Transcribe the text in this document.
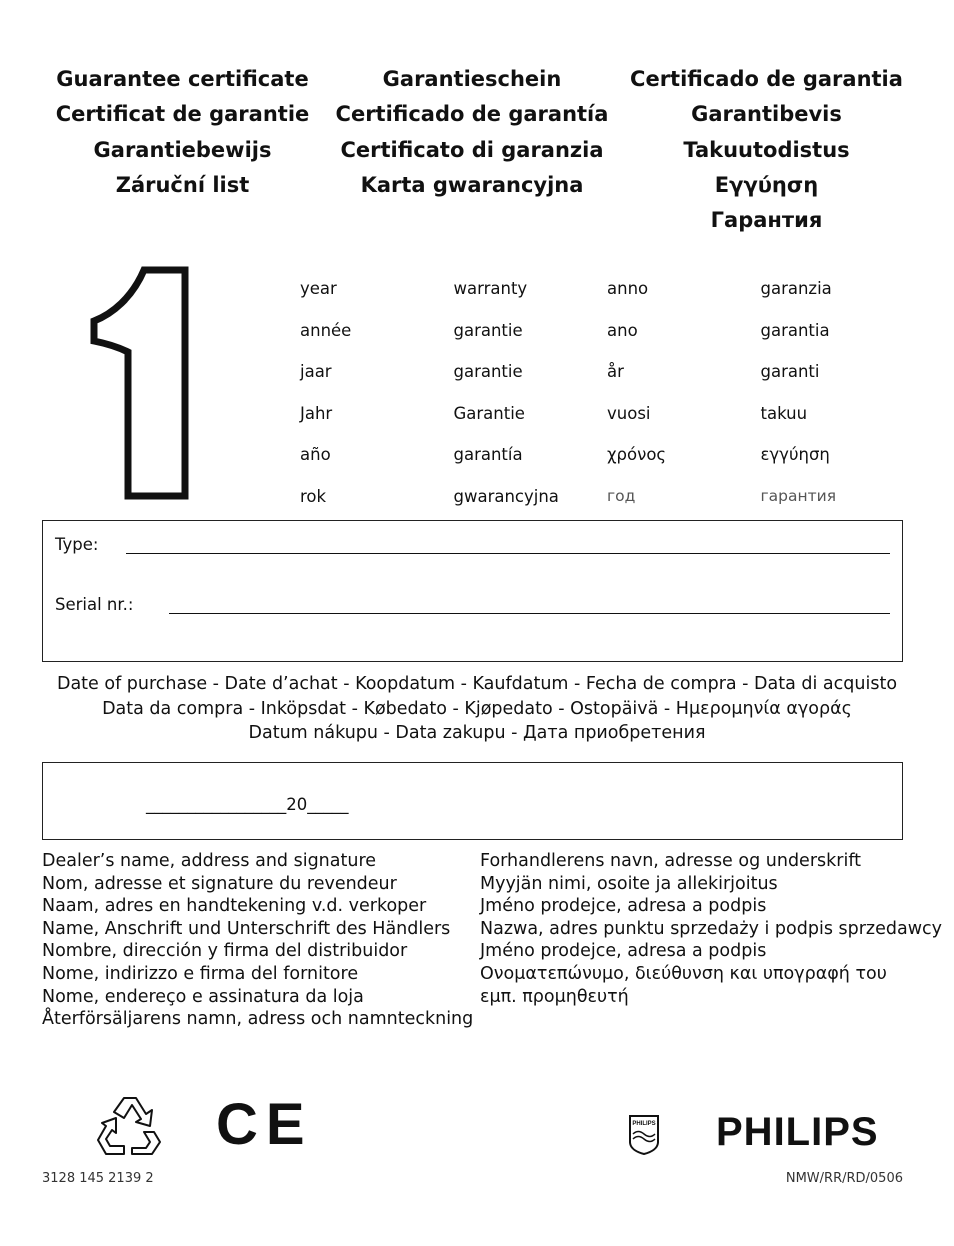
Guarantee certificate
Certificat de garantie
Garantiebewijs
Záruční list
Garantieschein
Certificado de garantía
Certificato di garanzia
Karta gwarancyjna
Certificado de garantia
Garantibevis
Takuutodistus
Εγγύηση
Гарантия
year	warranty	anno	garanzia
année	garantie	ano	garantia
jaar	garantie	år	garanti
Jahr	Garantie	vuosi	takuu
año	garantía	χρόνος	εγγύηση
rok	gwarancyjna	год	гарантия
Type:
Serial nr.:
Date of purchase - Date d’achat - Koopdatum - Kaufdatum - Fecha de compra - Data di acquisto
Data da compra - Inköpsdat - Købedato - Kjøpedato - Ostopäivä - Ημερομηνία αγοράς
Datum nákupu - Data zakupu - Дата приобретения
_________________20_____
Dealer’s name, address and signature
Nom, adresse et signature du revendeur
Naam, adres en handtekening v.d. verkoper
Name, Anschrift und Unterschrift des Händlers
Nombre, dirección y firma del distribuidor
Nome, indirizzo e firma del fornitore
Nome, endereço e assinatura da loja
Återförsäljarens namn, adress och namnteckning
Forhandlerens navn, adresse og underskrift
Myyjän nimi, osoite ja allekirjoitus
Jméno prodejce, adresa a podpis
Nazwa, adres punktu sprzedaży i podpis sprzedawcy
Jméno prodejce, adresa a podpis
Ονοματεπώνυμο, διεύθυνση και υπογραφή του
εμπ. προμηθευτή
CE	PHILIPS PHILIPS
3128 145 2139 2	NMW/RR/RD/0506
